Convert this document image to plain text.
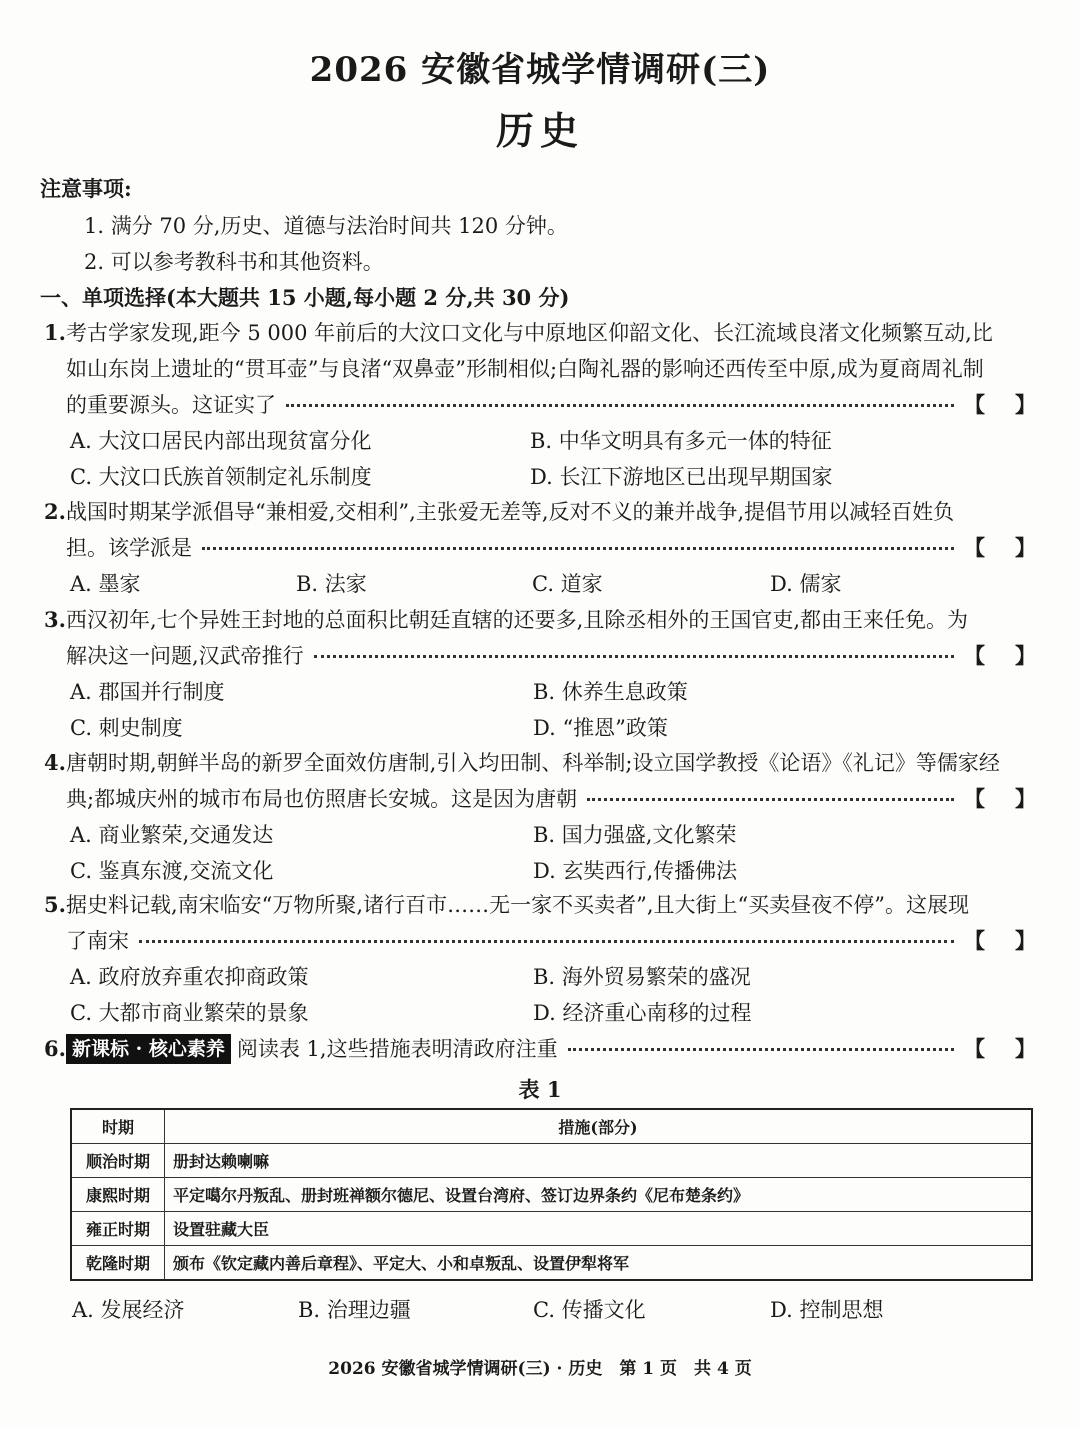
2026 安徽省城学情调研(三)
历史
注意事项:
1. 满分 70 分,历史、道德与法治时间共 120 分钟。
2. 可以参考教科书和其他资料。
一、单项选择(本大题共 15 小题,每小题 2 分,共 30 分)
1. 考古学家发现,距今 5 000 年前后的大汶口文化与中原地区仰韶文化、长江流域良渚文化频繁互动,比
如山东岗上遗址的“贯耳壶”与良渚“双鼻壶”形制相似;白陶礼器的影响还西传至中原,成为夏商周礼制
的重要源头。这证实了	【 】
A. 大汶口居民内部出现贫富分化	B. 中华文明具有多元一体的特征
C. 大汶口氏族首领制定礼乐制度	D. 长江下游地区已出现早期国家
2. 战国时期某学派倡导“兼相爱,交相利”,主张爱无差等,反对不义的兼并战争,提倡节用以减轻百姓负
担。该学派是	【 】
A. 墨家	B. 法家	C. 道家	D. 儒家
3. 西汉初年,七个异姓王封地的总面积比朝廷直辖的还要多,且除丞相外的王国官吏,都由王来任免。为
解决这一问题,汉武帝推行	【 】
A. 郡国并行制度	B. 休养生息政策
C. 刺史制度	D. “推恩”政策
4. 唐朝时期,朝鲜半岛的新罗全面效仿唐制,引入均田制、科举制;设立国学教授《论语》《礼记》等儒家经
典;都城庆州的城市布局也仿照唐长安城。这是因为唐朝	【 】
A. 商业繁荣,交通发达	B. 国力强盛,文化繁荣
C. 鉴真东渡,交流文化	D. 玄奘西行,传播佛法
5. 据史料记载,南宋临安“万物所聚,诸行百市……无一家不买卖者”,且大街上“买卖昼夜不停”。这展现
了南宋	【 】
A. 政府放弃重农抑商政策	B. 海外贸易繁荣的盛况
C. 大都市商业繁荣的景象	D. 经济重心南移的过程
6. 新课标 · 核心素养 阅读表 1,这些措施表明清政府注重	【 】
表 1
时期	措施(部分)
顺治时期	册封达赖喇嘛
康熙时期	平定噶尔丹叛乱、册封班禅额尔德尼、设置台湾府、签订边界条约《尼布楚条约》
雍正时期	设置驻藏大臣
乾隆时期	颁布《钦定藏内善后章程》、平定大、小和卓叛乱、设置伊犁将军
A. 发展经济	B. 治理边疆	C. 传播文化	D. 控制思想
2026 安徽省城学情调研(三) · 历史　第 1 页　共 4 页
